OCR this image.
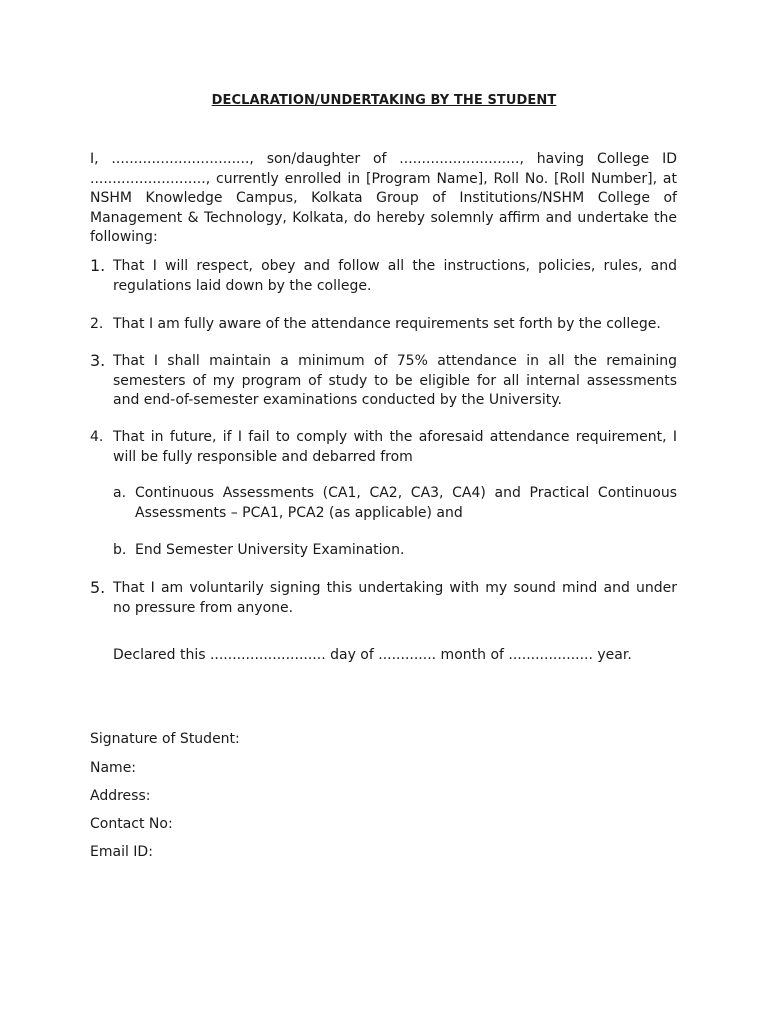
DECLARATION/UNDERTAKING BY THE STUDENT
I, ..............................., son/daughter of ..........................., having College ID .........................., currently enrolled in [Program Name], Roll No. [Roll Number], at NSHM Knowledge Campus, Kolkata Group of Institutions/NSHM College of Management & Technology, Kolkata, do hereby solemnly affirm and undertake the following:
1. That I will respect, obey and follow all the instructions, policies, rules, and regulations laid down by the college.
2. That I am fully aware of the attendance requirements set forth by the college.
3. That I shall maintain a minimum of 75% attendance in all the remaining semesters of my program of study to be eligible for all internal assessments and end-of-semester examinations conducted by the University.
4. That in future, if I fail to comply with the aforesaid attendance requirement, I will be fully responsible and debarred from
a. Continuous Assessments (CA1, CA2, CA3, CA4) and Practical Continuous Assessments – PCA1, PCA2 (as applicable) and
b. End Semester University Examination.
5. That I am voluntarily signing this undertaking with my sound mind and under no pressure from anyone.
Declared this .......................... day of ............. month of ................... year.
Signature of Student:
Name:
Address:
Contact No:
Email ID:
